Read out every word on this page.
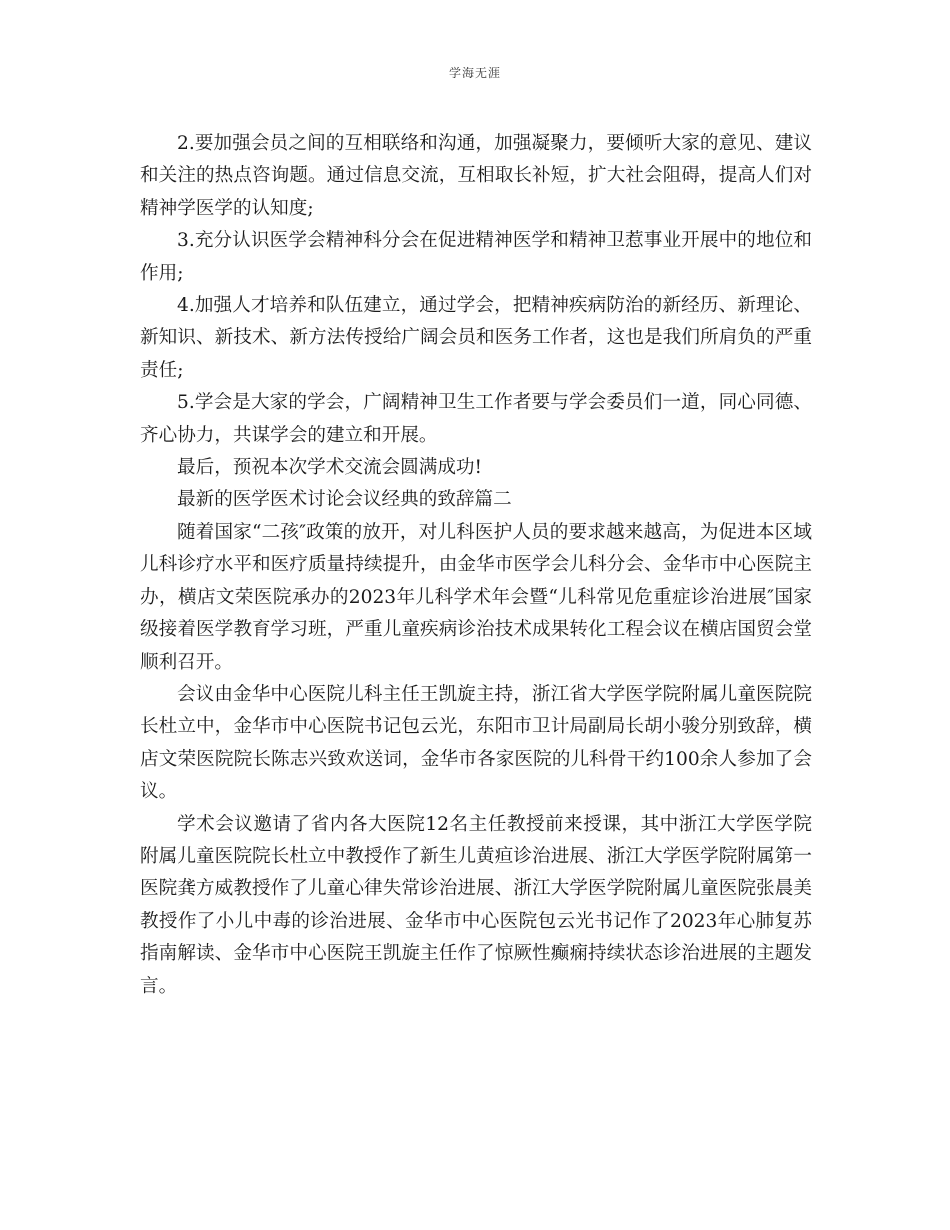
学海无涯

2.要加强会员之间的互相联络和沟通，加强凝聚力，要倾听大家的意见、建议和关注的热点咨询题。通过信息交流，互相取长补短，扩大社会阻碍，提高人们对精神学医学的认知度;

3.充分认识医学会精神科分会在促进精神医学和精神卫惹事业开展中的地位和作用;

4.加强人才培养和队伍建立，通过学会，把精神疾病防治的新经历、新理论、新知识、新技术、新方法传授给广阔会员和医务工作者，这也是我们所肩负的严重责任;

5.学会是大家的学会，广阔精神卫生工作者要与学会委员们一道，同心同德、齐心协力，共谋学会的建立和开展。

最后，预祝本次学术交流会圆满成功!

最新的医学医术讨论会议经典的致辞篇二

随着国家“二孩″政策的放开，对儿科医护人员的要求越来越高，为促进本区域儿科诊疗水平和医疗质量持续提升，由金华市医学会儿科分会、金华市中心医院主办，横店文荣医院承办的2023年儿科学术年会暨“儿科常见危重症诊治进展″国家级接着医学教育学习班，严重儿童疾病诊治技术成果转化工程会议在横店国贸会堂顺利召开。

会议由金华中心医院儿科主任王凯旋主持，浙江省大学医学院附属儿童医院院长杜立中，金华市中心医院书记包云光，东阳市卫计局副局长胡小骏分别致辞，横店文荣医院院长陈志兴致欢送词，金华市各家医院的儿科骨干约100余人参加了会议。

学术会议邀请了省内各大医院12名主任教授前来授课，其中浙江大学医学院附属儿童医院院长杜立中教授作了新生儿黄疸诊治进展、浙江大学医学院附属第一医院龚方威教授作了儿童心律失常诊治进展、浙江大学医学院附属儿童医院张晨美教授作了小儿中毒的诊治进展、金华市中心医院包云光书记作了2023年心肺复苏指南解读、金华市中心医院王凯旋主任作了惊厥性癫痫持续状态诊治进展的主题发言。
